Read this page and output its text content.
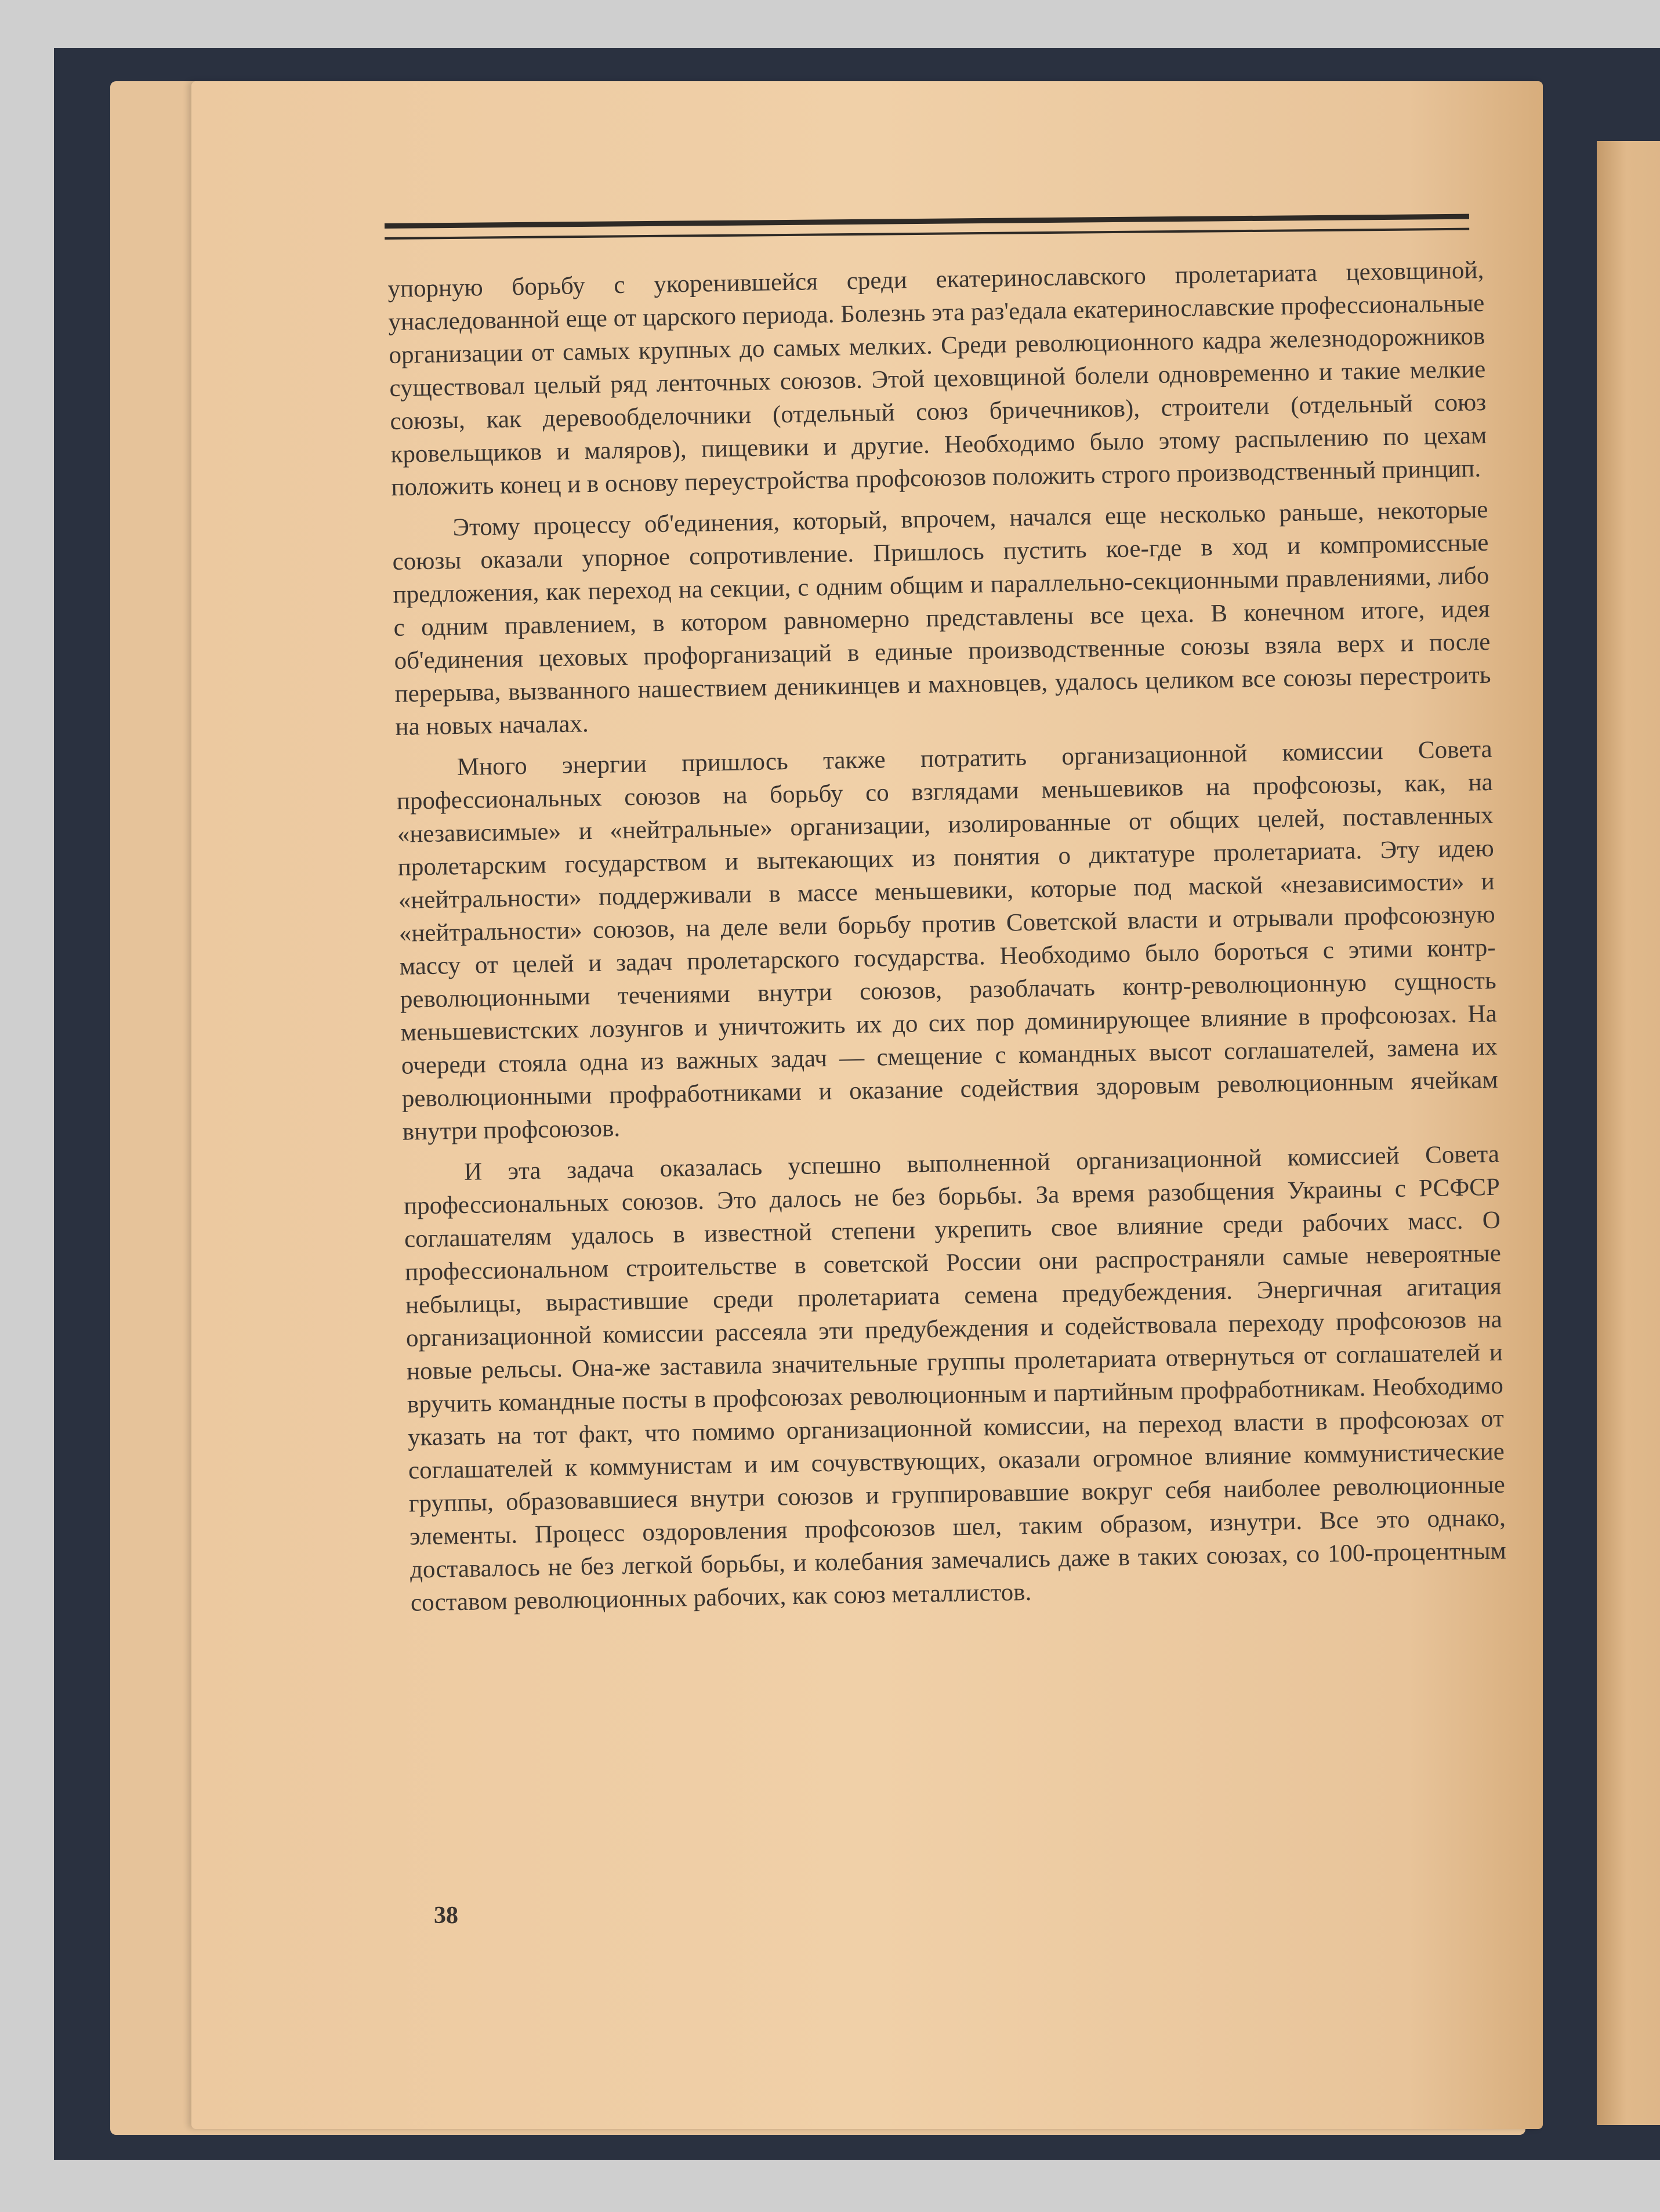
упорную борьбу с укоренившейся среди екатеринославского пролетариата цеховщиной, унаследованной еще от царского периода. Болезнь эта раз'едала екатеринославские профессиональные организации от самых крупных до самых мелких. Среди революционного кадра железнодорожников существовал целый ряд ленточных союзов. Этой цеховщиной болели одновременно и такие мелкие союзы, как деревообделочники (отдельный союз бричечников), строители (отдельный союз кровельщиков и маляров), пищевики и другие. Необходимо было этому распылению по цехам положить конец и в основу переустройства профсоюзов положить строго производственный принцип.

Этому процессу об'единения, который, впрочем, начался еще несколько раньше, некоторые союзы оказали упорное сопротивление. Пришлось пустить кое-где в ход и компромиссные предложения, как переход на секции, с одним общим и параллельно-секционными правлениями, либо с одним правлением, в котором равномерно представлены все цеха. В конечном итоге, идея об'единения цеховых профорганизаций в единые производственные союзы взяла верх и после перерыва, вызванного нашествием деникинцев и махновцев, удалось целиком все союзы перестроить на новых началах.

Много энергии пришлось также потратить организационной комиссии Совета профессиональных союзов на борьбу со взглядами меньшевиков на профсоюзы, как, на «независимые» и «нейтральные» организации, изолированные от общих целей, поставленных пролетарским государством и вытекающих из понятия о диктатуре пролетариата. Эту идею «нейтральности» поддерживали в массе меньшевики, которые под маской «независимости» и «нейтральности» союзов, на деле вели борьбу против Советской власти и отрывали профсоюзную массу от целей и задач пролетарского государства. Необходимо было бороться с этими контр-революционными течениями внутри союзов, разоблачать контр-революционную сущность меньшевистских лозунгов и уничтожить их до сих пор доминирующее влияние в профсоюзах. На очереди стояла одна из важных задач — смещение с командных высот соглашателей, замена их революционными профработниками и оказание содействия здоровым революционным ячейкам внутри профсоюзов.

И эта задача оказалась успешно выполненной организационной комиссией Совета профессиональных союзов. Это далось не без борьбы. За время разобщения Украины с РСФСР соглашателям удалось в известной степени укрепить свое влияние среди рабочих масс. О профессиональном строительстве в советской России они распространяли самые невероятные небылицы, вырастившие среди пролетариата семена предубеждения. Энергичная агитация организационной комиссии рассеяла эти предубеждения и содействовала переходу профсоюзов на новые рельсы. Она-же заставила значительные группы пролетариата отвернуться от соглашателей и вручить командные посты в профсоюзах революционным и партийным профработникам. Необходимо указать на тот факт, что помимо организационной комиссии, на переход власти в профсоюзах от соглашателей к коммунистам и им сочувствующих, оказали огромное влияние коммунистические группы, образовавшиеся внутри союзов и группировавшие вокруг себя наиболее революционные элементы. Процесс оздоровления профсоюзов шел, таким образом, изнутри. Все это однако, доставалось не без легкой борьбы, и колебания замечались даже в таких союзах, со 100-процентным составом революционных рабочих, как союз металлистов.

38
